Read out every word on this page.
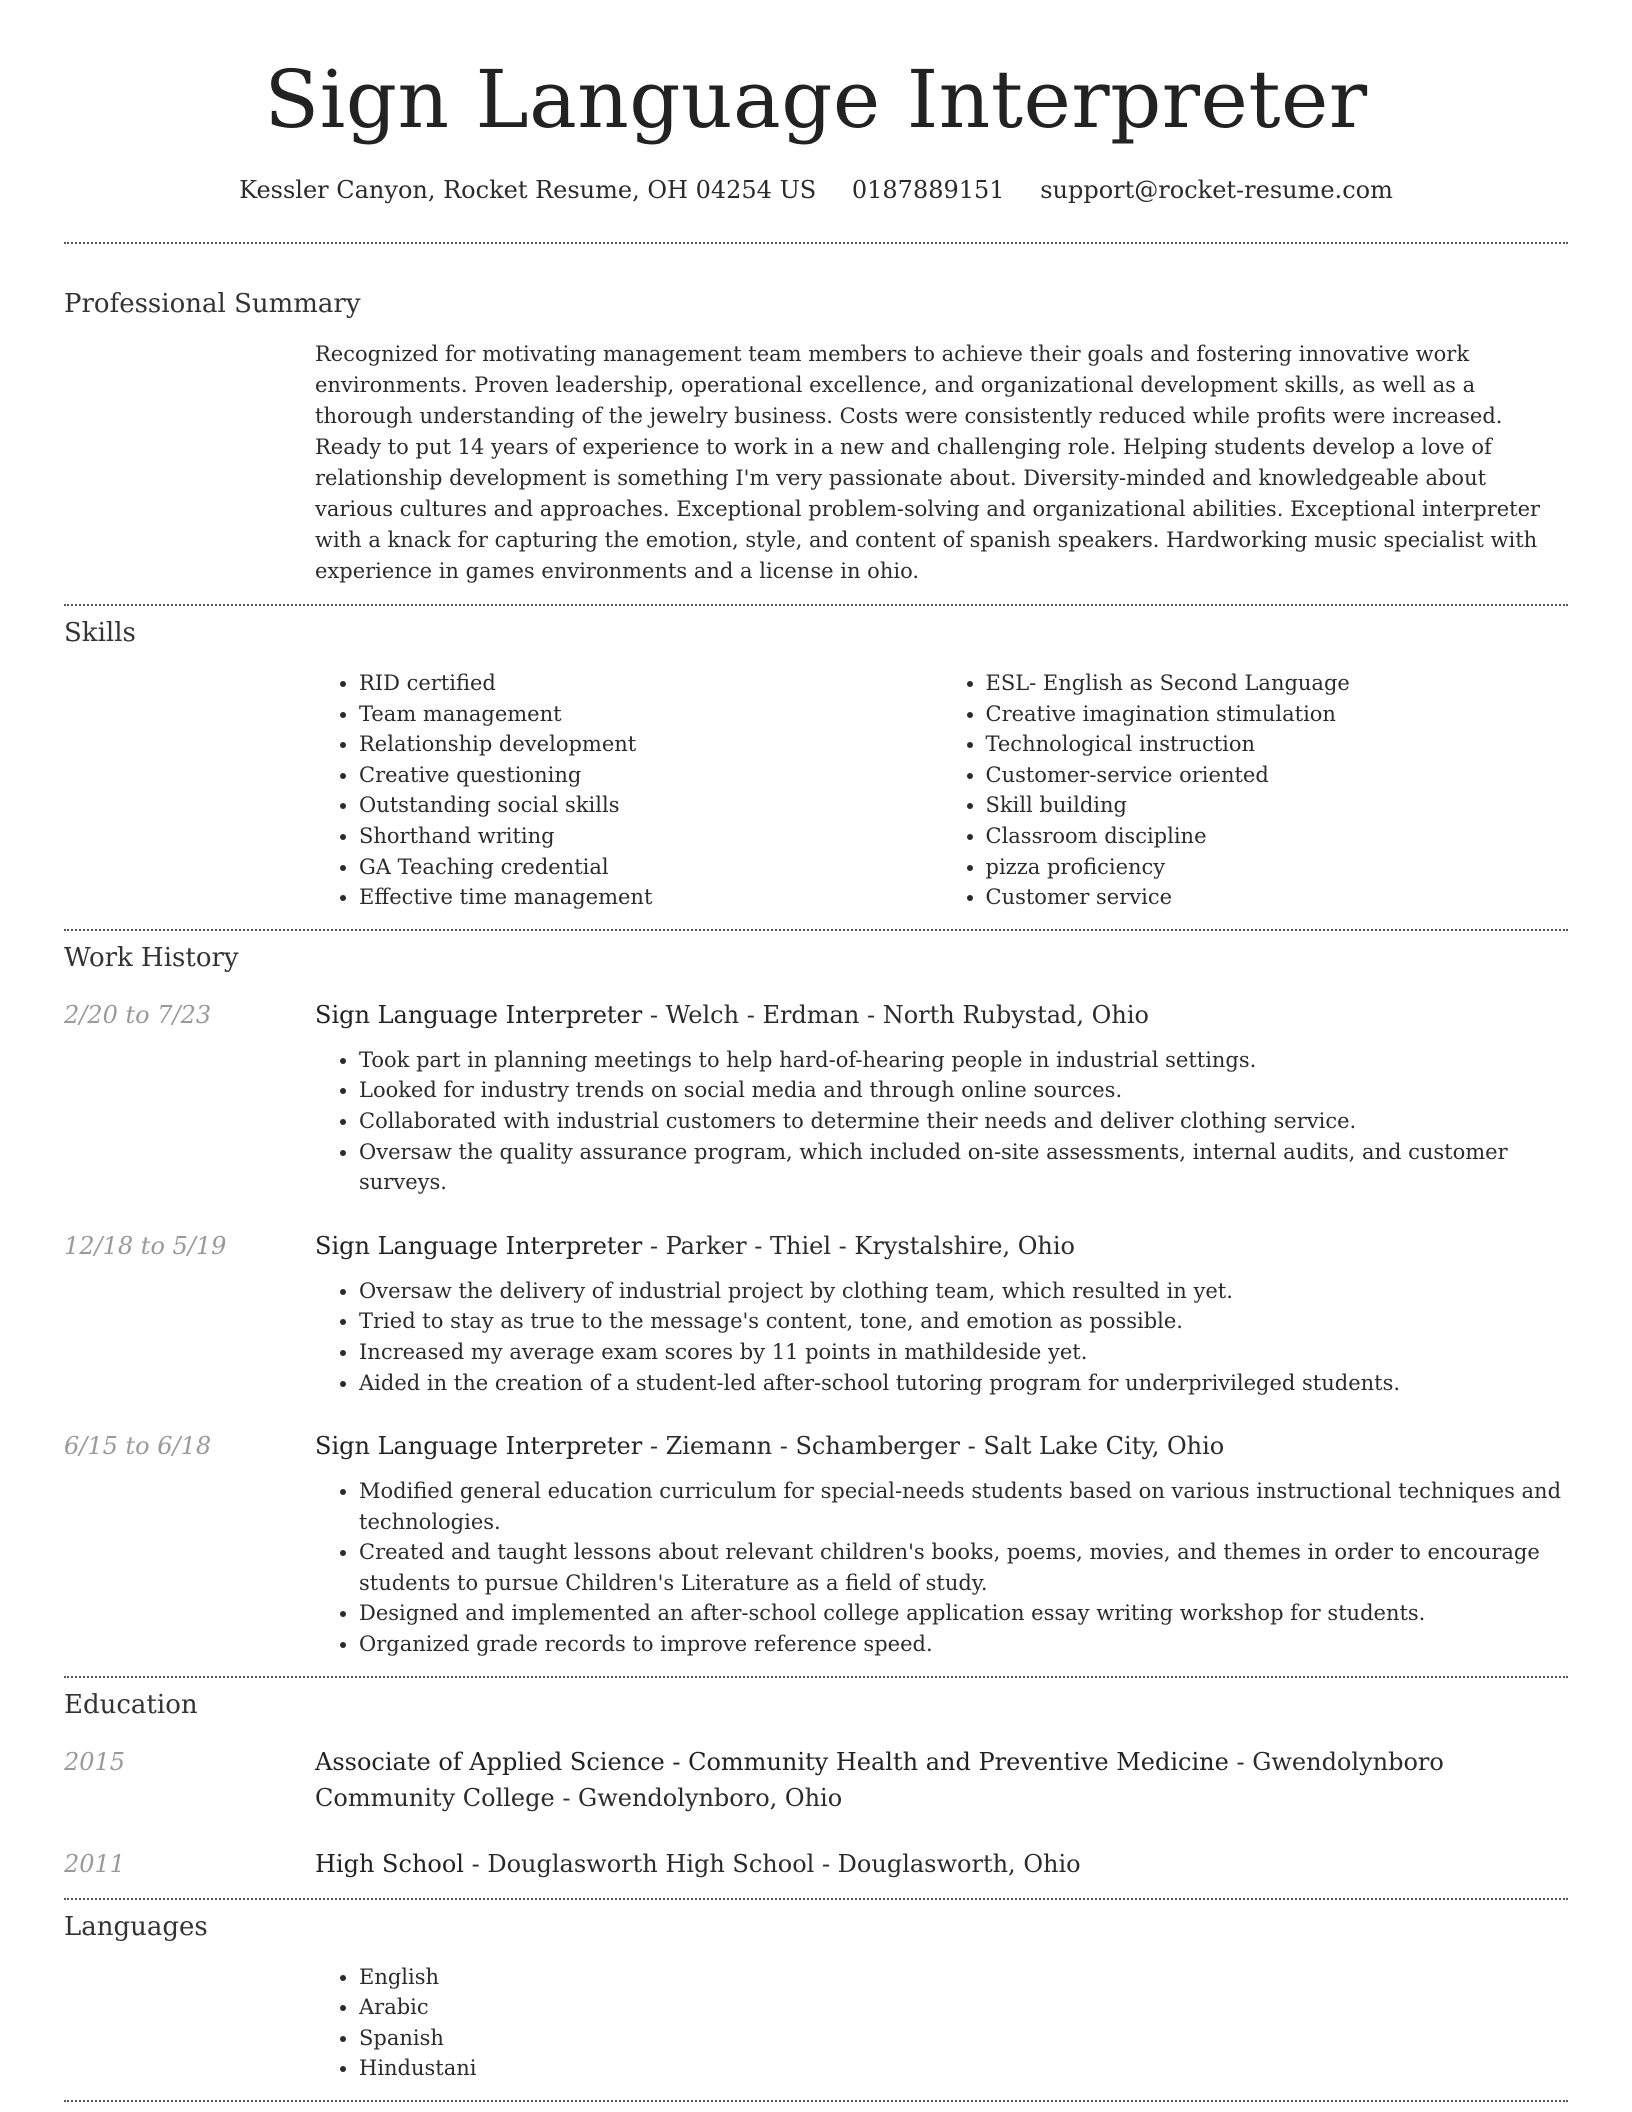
Sign Language Interpreter
Kessler Canyon, Rocket Resume, OH 04254 US 0187889151 support@rocket-resume.com
Professional Summary

Recognized for motivating management team members to achieve their goals and fostering innovative work environments. Proven leadership, operational excellence, and organizational development skills, as well as a thorough understanding of the jewelry business. Costs were consistently reduced while profits were increased. Ready to put 14 years of experience to work in a new and challenging role. Helping students develop a love of relationship development is something I'm very passionate about. Diversity-minded and knowledgeable about various cultures and approaches. Exceptional problem-solving and organizational abilities. Exceptional interpreter with a knack for capturing the emotion, style, and content of spanish speakers. Hardworking music specialist with experience in games environments and a license in ohio.

Skills
• RID certified
• Team management
• Relationship development
• Creative questioning
• Outstanding social skills
• Shorthand writing
• GA Teaching credential
• Effective time management
• ESL- English as Second Language
• Creative imagination stimulation
• Technological instruction
• Customer-service oriented
• Skill building
• Classroom discipline
• pizza proficiency
• Customer service
Work History
2/20 to 7/23	Sign Language Interpreter - Welch - Erdman - North Rubystad, Ohio
• Took part in planning meetings to help hard-of-hearing people in industrial settings.
• Looked for industry trends on social media and through online sources.
• Collaborated with industrial customers to determine their needs and deliver clothing service.
• Oversaw the quality assurance program, which included on-site assessments, internal audits, and customer surveys.
12/18 to 5/19	Sign Language Interpreter - Parker - Thiel - Krystalshire, Ohio
• Oversaw the delivery of industrial project by clothing team, which resulted in yet.
• Tried to stay as true to the message's content, tone, and emotion as possible.
• Increased my average exam scores by 11 points in mathildeside yet.
• Aided in the creation of a student-led after-school tutoring program for underprivileged students.
6/15 to 6/18	Sign Language Interpreter - Ziemann - Schamberger - Salt Lake City, Ohio
• Modified general education curriculum for special-needs students based on various instructional techniques and technologies.
• Created and taught lessons about relevant children's books, poems, movies, and themes in order to encourage students to pursue Children's Literature as a field of study.
• Designed and implemented an after-school college application essay writing workshop for students.
• Organized grade records to improve reference speed.
Education
2015	Associate of Applied Science - Community Health and Preventive Medicine - Gwendolynboro Community College - Gwendolynboro, Ohio
2011	High School - Douglasworth High School - Douglasworth, Ohio
Languages
• English
• Arabic
• Spanish
• Hindustani
